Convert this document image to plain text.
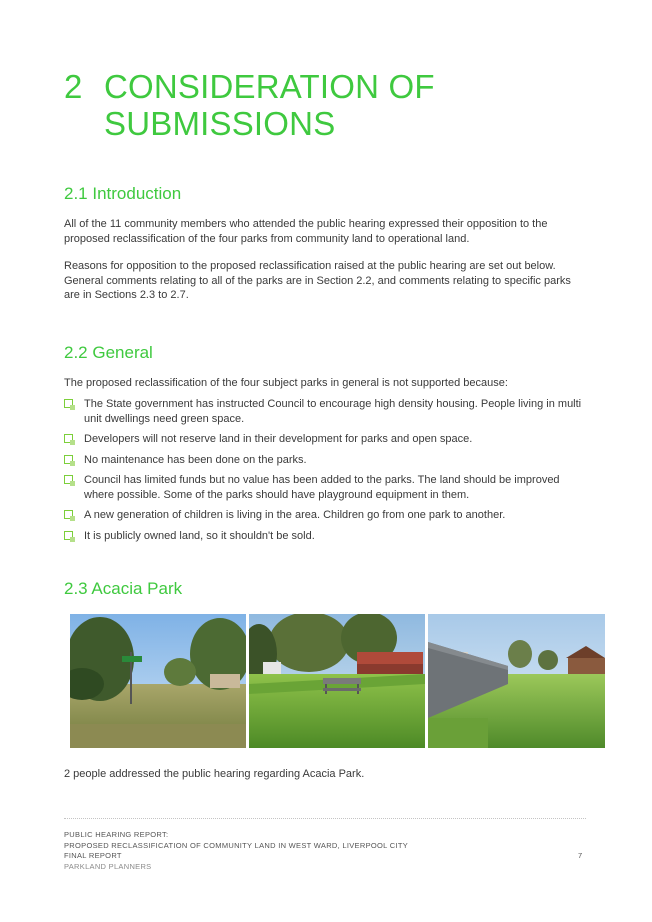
2 CONSIDERATION OF
SUBMISSIONS
2.1 Introduction

All of the 11 community members who attended the public hearing expressed their opposition to the proposed reclassification of the four parks from community land to operational land.

Reasons for opposition to the proposed reclassification raised at the public hearing are set out below. General comments relating to all of the parks are in Section 2.2, and comments relating to specific parks are in Sections 2.3 to 2.7.

2.2 General

The proposed reclassification of the four subject parks in general is not supported because:

The State government has instructed Council to encourage high density housing. People living in multi unit dwellings need green space.
Developers will not reserve land in their development for parks and open space.
No maintenance has been done on the parks.
Council has limited funds but no value has been added to the parks. The land should be improved where possible. Some of the parks should have playground equipment in them.
A new generation of children is living in the area. Children go from one park to another.
It is publicly owned land, so it shouldn't be sold.
2.3 Acacia Park

2 people addressed the public hearing regarding Acacia Park.

PUBLIC HEARING REPORT:
PROPOSED RECLASSIFICATION OF COMMUNITY LAND IN WEST WARD, LIVERPOOL CITY
FINAL REPORT
PARKLAND PLANNERS
7
